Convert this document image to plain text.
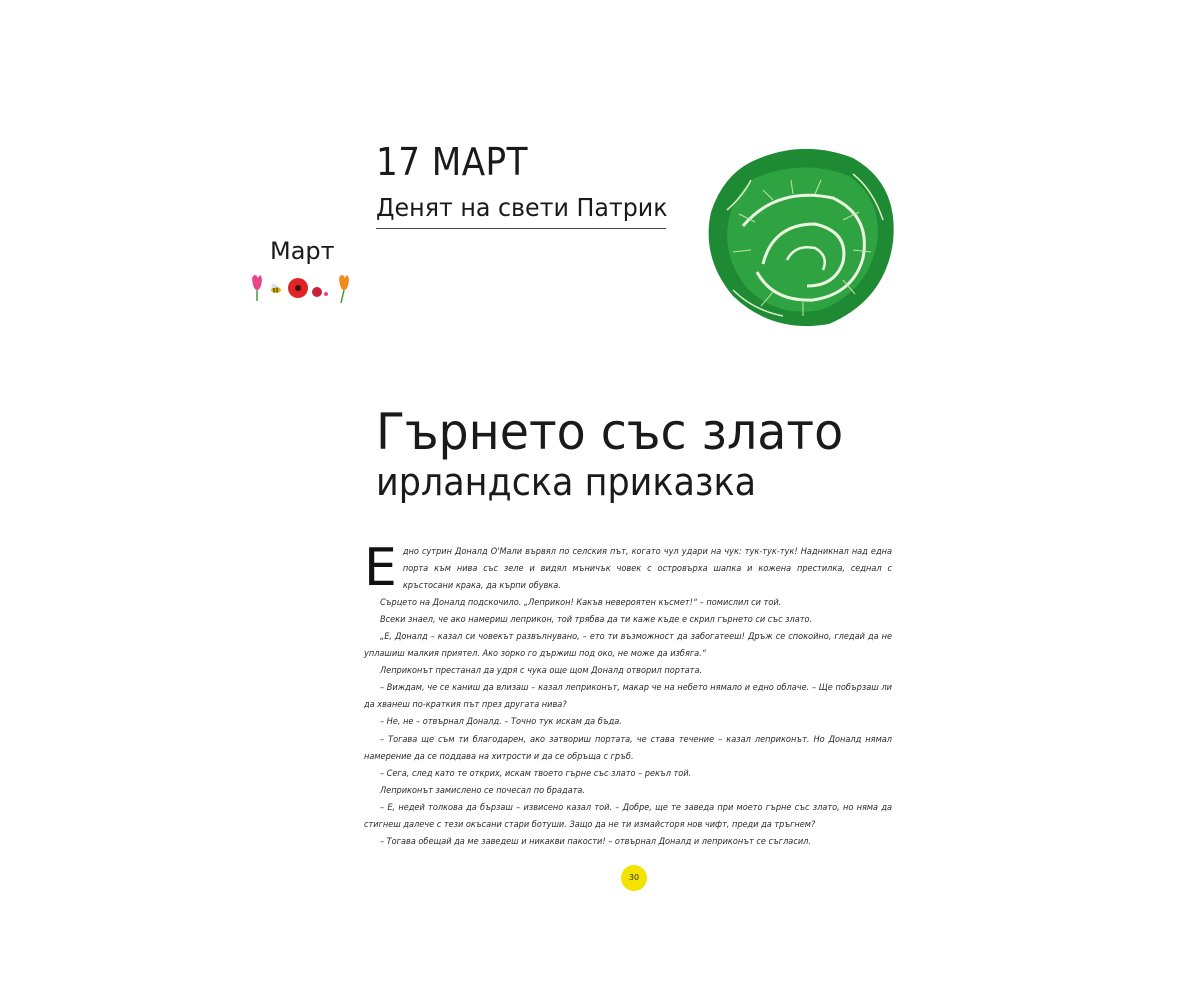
17 МАРТ
Денят на свети Патрик
Март
Гърнето със злато
ирландска приказка

Едно сутрин Доналд О'Мали вървял по селския път, когато чул удари на чук: тук-тук-тук! Надникнал над една порта към нива със зеле и видял мъничък човек с островърха шапка и кожена престилка, седнал с кръстосани крака, да кърпи обувка.

Сърцето на Доналд подскочило. „Леприкон! Какъв невероятен късмет!“ – помислил си той.

Всеки знаел, че ако намериш леприкон, той трябва да ти каже къде е скрил гърнето си със злато.

„Е, Доналд – казал си човекът развълнувано, – ето ти възможност да забогатееш! Дръж се спокойно, гледай да не уплашиш малкия приятел. Ако зорко го държиш под око, не може да избяга.“

Леприконът престанал да удря с чука още щом Доналд отворил портата.

– Виждам, че се каниш да влизаш – казал леприконът, макар че на небето нямало и едно облаче. – Ще побързаш ли да хванеш по-краткия път през другата нива?

– Не, не – отвърнал Доналд. – Точно тук искам да бъда.

– Тогава ще съм ти благодарен, ако затвориш портата, че става течение – казал леприконът. Но Доналд нямал намерение да се поддава на хитрости и да се обръща с гръб.

– Сега, след като те открих, искам твоето гърне със злато – рекъл той.

Леприконът замислено се почесал по брадата.

– Е, недей толкова да бързаш – извисено казал той. – Добре, ще те заведа при моето гърне със злато, но няма да стигнеш далече с тези окъсани стари ботуши. Защо да не ти измайсторя нов чифт, преди да тръгнем?

– Тогава обещай да ме заведеш и никакви пакости! – отвърнал Доналд и леприконът се съгласил.

30
